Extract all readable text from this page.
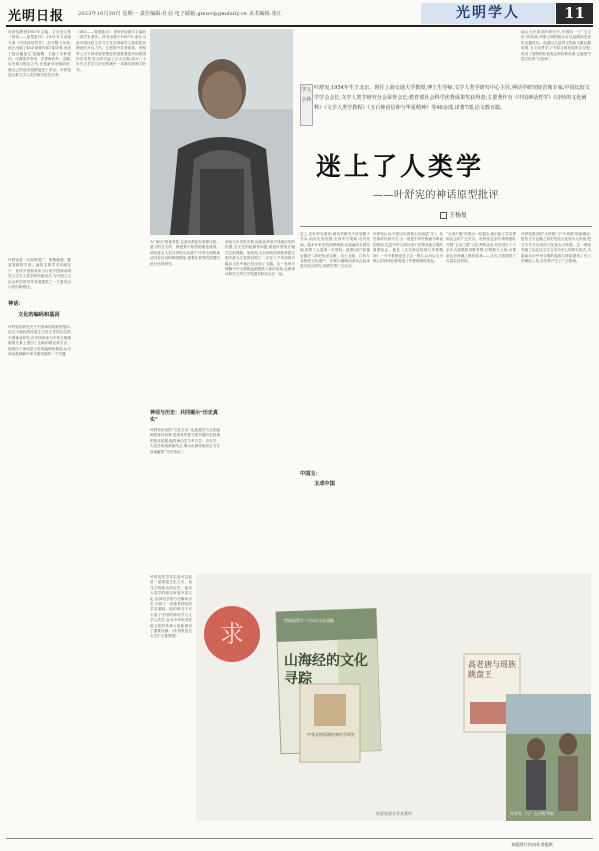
光明日报	2023年10月30日 星期一 责任编辑:杜羽 电子邮箱:gmwr@gmdaily.cn 美术编辑:张江	光明学人	11
叶舒宪教授1987年主编、主评论文集《神话——原型批评》,1991年又出版专著《中国神话哲学》,至今整十年间,他已出版了40余部著作和7部译著,发表了数百篇论文,是编撰、主编了多种著作。可谓著作等身、享誉海内外。近期,应光明日报社之约,在他新书出版前后,就自己的治学道路接受了采访。叶舒宪是从事文学人类学研究的先行者。
叶舒宪是一位视野宽广、思维敏捷、勤奋笔耕的学者。他的主要学术贡献在于：其所开创和身体力行的中国神话研究与文学人类学研究新范式,为中国人文社会科学的学术发展提供了一个富有启示性的新路径。
神话：
文化的编码和基因
叶舒宪的研究关于中国神话的新型提问,由过于偏执的民族主义所主导的以往的中国神话研究,在中国神话与中华文明探源的关系上提出了全新的路径和方法。他指出了神话是文化的编码和基因,认为神话是理解中华文明传统的一个关键。
《神话——原型批评》 是叶舒宪最早主编的一部学术著作。该书出版于1987年,被认为是中国比较文学与文艺学领域引入原型批评理论的开山之作。它把国外学者弗莱、荣格等人关于神话原型理论的重要著述介绍给国内学术界,在当时引起了巨大反响,成为八十年代文艺学方法论热潮中一本颇具影响力的书。
为“神话”的普适性,毛泽东都是在某种比较、意义的互文的，都是基于原型的理论成果。神话是全人类共享的文化遗产,中华文明的神话具有自身的鲜明特征,需要在世界的范围内进行比较研究。
神话与历史：共同揭示“历史真实”
叶舒宪所说的“文化文本”,也就是作为文化编码的神话叙事,是指导华夏文明早期历史叙事的根本依据,他将神话学与考古学、历史学、人类学的成果相结合,揭示出被传统历史书写所遮蔽的“历史真实”。
神话与历史的关系,如何从神话中找到历史的依据,玉文化的起源等问题,都是叶舒宪长期关注的课题。他发现,玉石神话信仰是华夏文明中最为古老的信仰之一,早在八千年前的兴隆洼文化中就已经出现了玉器。这一发现为理解中华文明的起源提供了新的视角,也使神话研究与考古学发掘有机结合在一起。
学人小传
叶舒宪,1954年生于北京。现任上海交通大学教授,博士生导师,文学人类学研究中心主任,神话学研究院首席专家;中国比较文学学会会长,文学人类学研究分会荣誉会长;教育部社会科学优秀成果奖获得者;主要著作有《中国神话哲学》《诗经的文化阐释》《文学人类学教程》《玉石神话信仰与华夏精神》等40余部,译著7部,论文数百篇。
迷上了人类学
——叶舒宪的神话原型批评
王杨复
总之,在叶舒宪看来,神话学研究不应局限于书本,而应走向田野,走向考古现场,走向民间。他多年来坚持田野调查,足迹遍布全国各地,收集了大量第一手资料。他提出的“四重证据法”,即把传世文献、出土文献、口传与非物质文化遗产、实物与图像四者结合起来进行综合研究,得到学界广泛认可。
中国玉：
玉成中国
叶舒宪认为,中国文化的核心价值是“玉”。从史前时代到今天,玉一直是中华民族最为珍视的物质,也是中华文明区别于世界其他文明的重要标志。他在《玉石神话信仰与华夏精神》一书中系统论述了这一观点,认为以玉为核心的神话信仰构成了华夏精神的底色。
“玉成中国”的观点一经提出,就引起了学术界和社会的广泛关注。叶舒宪还亲自带领团队开展“玉帛之路”文化考察活动,先后进行了十余次大规模的田野考察,行程数万公里,为重新认识丝绸之路的前身——玉石之路提供了大量实证材料。
他认为在将来的研究中,中国有一个“玉文化”的传统,华夏文明的源头可以追溯到史前的玉器时代。他通过大量的文物和文献证据说明,玉文化贯穿了中国文明发展的全过程,形成了独特的价值观念和信仰体系,这就是中国文化的“大传统”。
叶舒宪提出的“大传统”与“小传统”的新理论,把有文字记载之前的史前文化视为大传统,把文字书写以来的文化视为小传统。这一理论突破了以往以文字文本为中心的研究范式,为重新认识中华文明的起源与特质提供了有力的理论工具,在学界产生了广泛影响。
叶舒宪的学术生涯可以说是一部探索文化文本、追寻文明源头的历史。他以人类学的眼光审视中国文化,以神话学的方法解读历史,开辟了一条独具特色的学术道路。他的研究不仅丰富了中国的神话学与文学人类学,也为中华优秀传统文化的传承与创新做出了重要贡献。(作者系复旦大学中文系教授)	求
山海经的文化寻踪
“想像地理学”与东西文化碰触
中华文明探源的神话学研究
高老唐与瑶族跳盘王
叶舒宪部分学术著作	叶舒宪（左）在田野考察
本版图片均由作者提供
